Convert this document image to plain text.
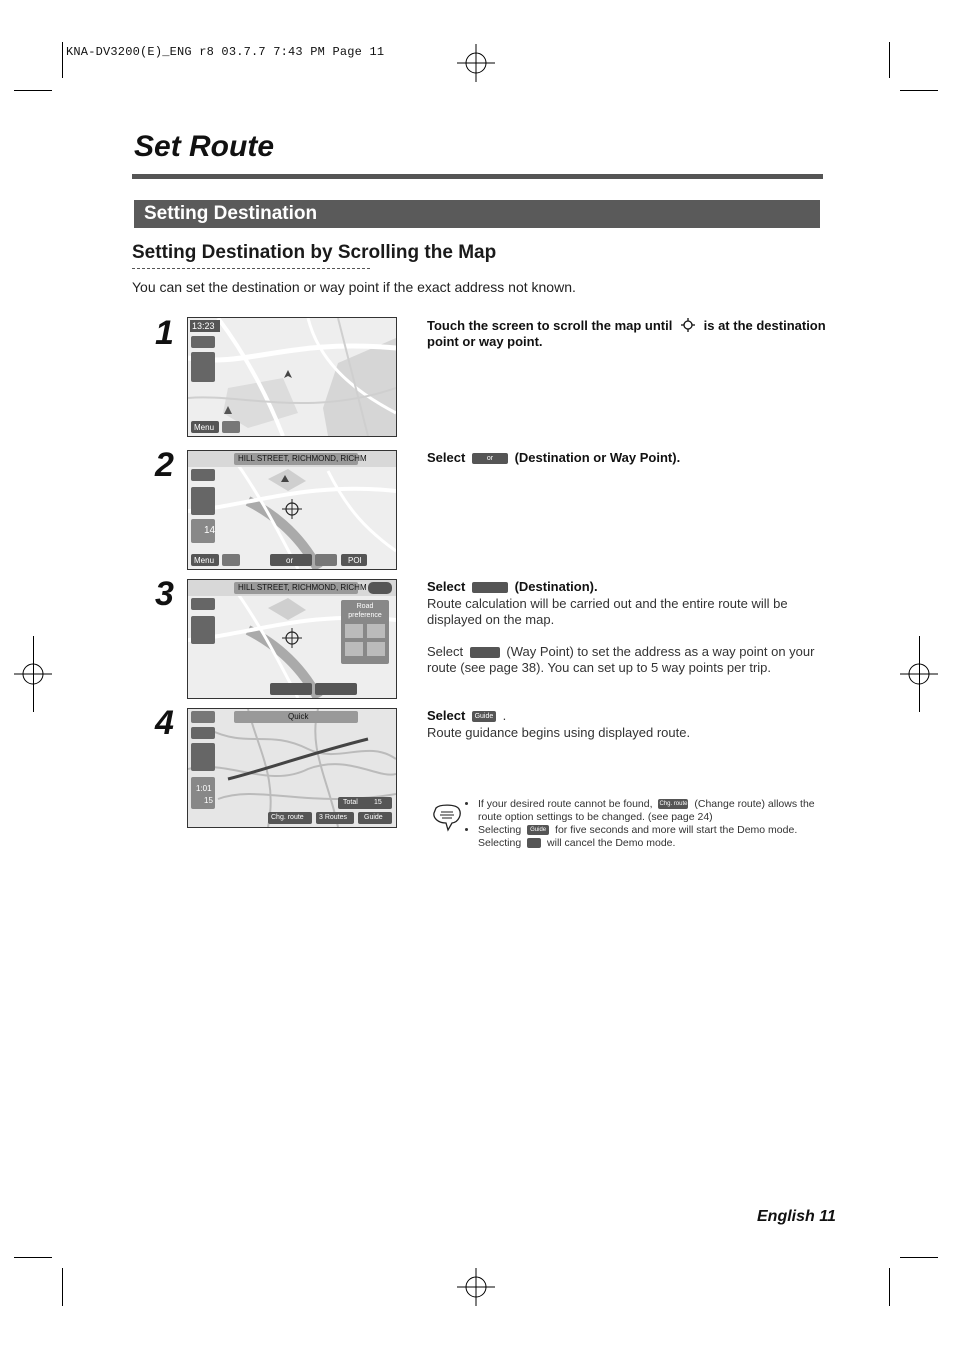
KNA-DV3200(E)_ENG r8 03.7.7 7:43 PM Page 11
Set Route
Setting Destination
Setting Destination by Scrolling the Map
You can set the destination or way point if the exact address not known.
1 13:23
Menu
Touch the screen to scroll the map until is at the destination point or way point.
2	HILL STREET, RICHMOND, RICHM
14
Menu	or	POI
Select	or (Destination or Way Point).
3	HILL STREET, RICHMOND, RICHM
Road preference
Select	(Destination).
Route calculation will be carried out and the entire route will be displayed on the map.
Select	(Way Point) to set the address as a way point on your route (see page 38). You can set up to 5 way points per trip.
4	Quick
Total 15
1:01
15
Chg. route 3 Routes Guide
Select Guide .
Route guidance begins using displayed route.
• If your desired route cannot be found, Chg. route (Change route) allows the route option settings to be changed. (see page 24)
• Selecting Guide for five seconds and more will start the Demo mode. Selecting will cancel the Demo mode.
English 11
